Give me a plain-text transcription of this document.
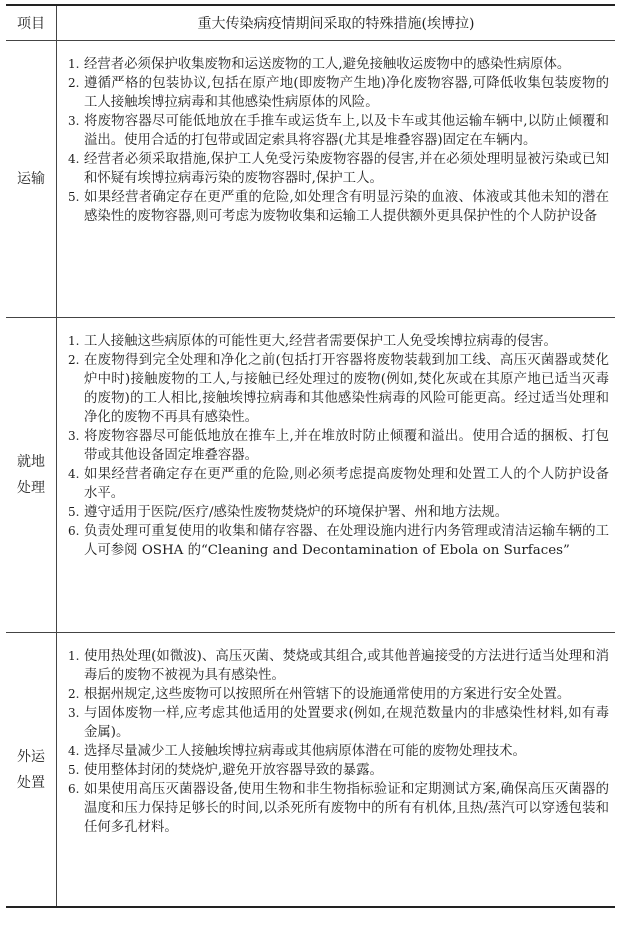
项目	重大传染病疫情期间采取的特殊措施(埃博拉)
运输
1. 经营者必须保护收集废物和运送废物的工人,避免接触收运废物中的感染性病原体。
2. 遵循严格的包装协议,包括在原产地(即废物产生地)净化废物容器,可降低收集包装废物的工人接触埃博拉病毒和其他感染性病原体的风险。
3. 将废物容器尽可能低地放在手推车或运货车上,以及卡车或其他运输车辆中,以防止倾覆和溢出。使用合适的打包带或固定索具将容器(尤其是堆叠容器)固定在车辆内。
4. 经营者必须采取措施,保护工人免受污染废物容器的侵害,并在必须处理明显被污染或已知和怀疑有埃博拉病毒污染的废物容器时,保护工人。
5. 如果经营者确定存在更严重的危险,如处理含有明显污染的血液、体液或其他未知的潜在感染性的废物容器,则可考虑为废物收集和运输工人提供额外更具保护性的个人防护设备
就地处理
1. 工人接触这些病原体的可能性更大,经营者需要保护工人免受埃博拉病毒的侵害。
2. 在废物得到完全处理和净化之前(包括打开容器将废物装载到加工线、高压灭菌器或焚化炉中时)接触废物的工人,与接触已经处理过的废物(例如,焚化灰或在其原产地已适当灭毒的废物)的工人相比,接触埃博拉病毒和其他感染性病毒的风险可能更高。经过适当处理和净化的废物不再具有感染性。
3. 将废物容器尽可能低地放在推车上,并在堆放时防止倾覆和溢出。使用合适的捆板、打包带或其他设备固定堆叠容器。
4. 如果经营者确定存在更严重的危险,则必须考虑提高废物处理和处置工人的个人防护设备水平。
5. 遵守适用于医院/医疗/感染性废物焚烧炉的环境保护署、州和地方法规。
6. 负责处理可重复使用的收集和储存容器、在处理设施内进行内务管理或清洁运输车辆的工人可参阅 OSHA 的“Cleaning and Decontamination of Ebola on Surfaces”
外运处置
1. 使用热处理(如微波)、高压灭菌、焚烧或其组合,或其他普遍接受的方法进行适当处理和消毒后的废物不被视为具有感染性。
2. 根据州规定,这些废物可以按照所在州管辖下的设施通常使用的方案进行安全处置。
3. 与固体废物一样,应考虑其他适用的处置要求(例如,在规范数量内的非感染性材料,如有毒金属)。
4. 选择尽量减少工人接触埃博拉病毒或其他病原体潜在可能的废物处理技术。
5. 使用整体封闭的焚烧炉,避免开放容器导致的暴露。
6. 如果使用高压灭菌器设备,使用生物和非生物指标验证和定期测试方案,确保高压灭菌器的温度和压力保持足够长的时间,以杀死所有废物中的所有有机体,且热/蒸汽可以穿透包装和任何多孔材料。
